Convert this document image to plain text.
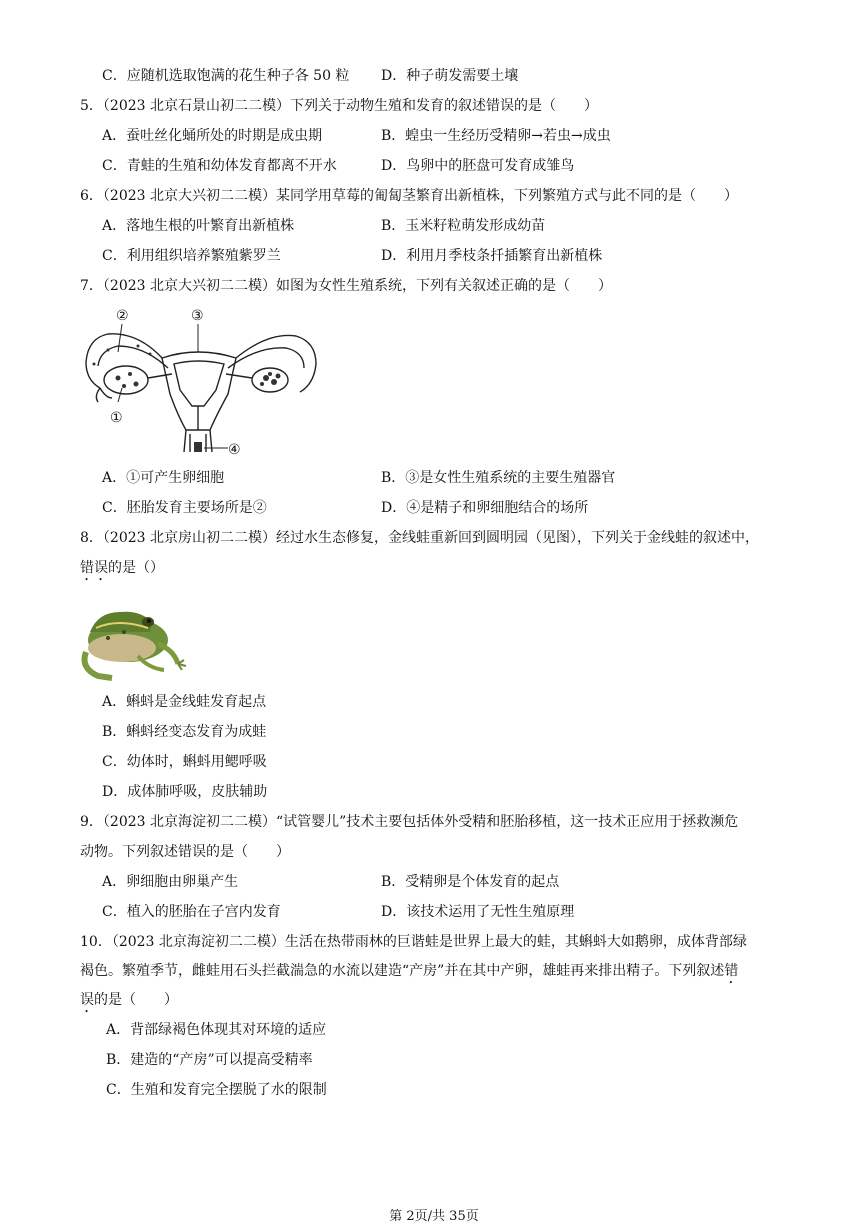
C．应随机选取饱满的花生种子各 50 粒 D．种子萌发需要土壤
5．（2023 北京石景山初二二模）下列关于动物生殖和发育的叙述错误的是（　　）
A．蚕吐丝化蛹所处的时期是成虫期	B．蝗虫一生经历受精卵→若虫→成虫
C．青蛙的生殖和幼体发育都离不开水	D．鸟卵中的胚盘可发育成雏鸟
6．（2023 北京大兴初二二模）某同学用草莓的匍匐茎繁育出新植株，下列繁殖方式与此不同的是（　　）
A．落地生根的叶繁育出新植株	B．玉米籽粒萌发形成幼苗
C．利用组织培养繁殖紫罗兰	D．利用月季枝条扦插繁育出新植株
7．（2023 北京大兴初二二模）如图为女性生殖系统，下列有关叙述正确的是（　　）
②	③
①
④
A．①可产生卵细胞	B．③是女性生殖系统的主要生殖器官
C．胚胎发育主要场所是②	D．④是精子和卵细胞结合的场所
8．（2023 北京房山初二二模）经过水生态修复，金线蛙重新回到圆明园（见图），下列关于金线蛙的叙述中，
错误的是（）
A．蝌蚪是金线蛙发育起点
B．蝌蚪经变态发育为成蛙
C．幼体时，蝌蚪用鳃呼吸
D．成体肺呼吸，皮肤辅助
9．（2023 北京海淀初二二模）“试管婴儿”技术主要包括体外受精和胚胎移植，这一技术正应用于拯救濒危
动物。下列叙述错误的是（　　）
A．卵细胞由卵巢产生	B．受精卵是个体发育的起点
C．植入的胚胎在子宫内发育	D．该技术运用了无性生殖原理
10．（2023 北京海淀初二二模）生活在热带雨林的巨谐蛙是世界上最大的蛙，其蝌蚪大如鹅卵，成体背部绿
褐色。繁殖季节，雌蛙用石头拦截湍急的水流以建造“产房”并在其中产卵，雄蛙再来排出精子。下列叙述错
误的是（　　）
A．背部绿褐色体现其对环境的适应
B．建造的“产房”可以提高受精率
C．生殖和发育完全摆脱了水的限制
第 2页/共 35页
